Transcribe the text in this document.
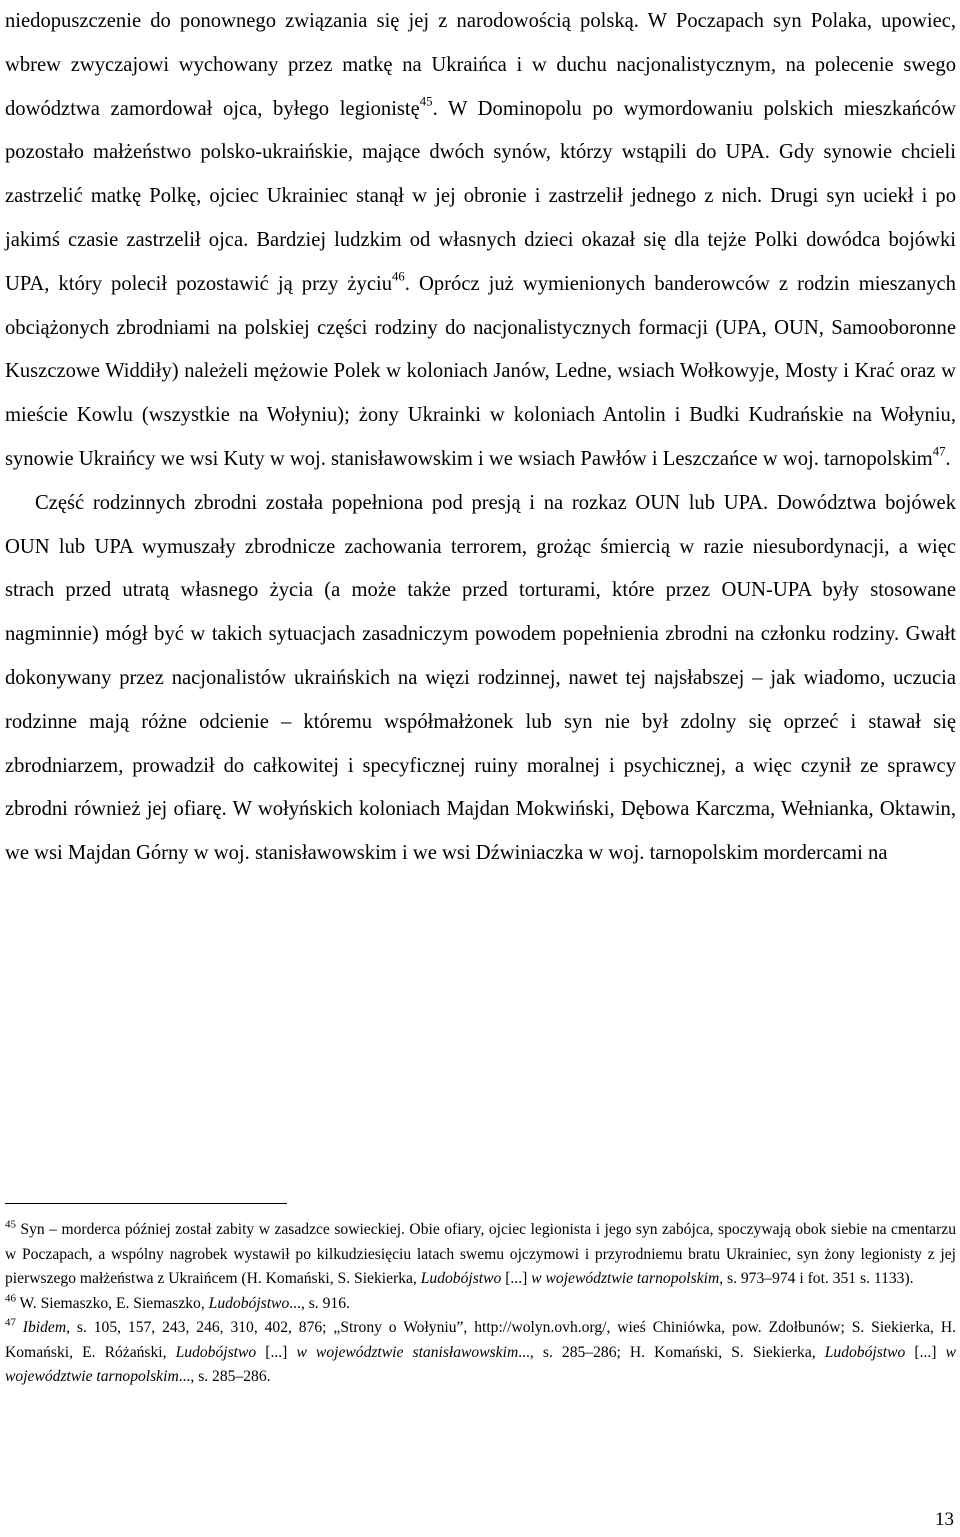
niedopuszczenie do ponownego związania się jej z narodowością polską. W Poczapach syn Polaka, upowiec, wbrew zwyczajowi wychowany przez matkę na Ukraińca i w duchu nacjonalistycznym, na polecenie swego dowództwa zamordował ojca, byłego legionistę$^{45}$. W Dominopolu po wymordowaniu polskich mieszkańców pozostało małżeństwo polsko-ukraińskie, mające dwóch synów, którzy wstąpili do UPA. Gdy synowie chcieli zastrzelić matkę Polkę, ojciec Ukrainiec stanął w jej obronie i zastrzelił jednego z nich. Drugi syn uciekł i po jakimś czasie zastrzelił ojca. Bardziej ludzkim od własnych dzieci okazał się dla tejże Polki dowódca bojówki UPA, który polecił pozostawić ją przy życiu$^{46}$. Oprócz już wymienionych banderowców z rodzin mieszanych obciążonych zbrodniami na polskiej części rodziny do nacjonalistycznych formacji (UPA, OUN, Samooboronne Kuszczowe Widdiły) należeli mężowie Polek w koloniach Janów, Ledne, wsiach Wołkowyje, Mosty i Krać oraz w mieście Kowlu (wszystkie na Wołyniu); żony Ukrainki w koloniach Antolin i Budki Kudrańskie na Wołyniu, synowie Ukraińcy we wsi Kuty w woj. stanisławowskim i we wsiach Pawłów i Leszczańce w woj. tarnopolskim$^{47}$.

Część rodzinnych zbrodni została popełniona pod presją i na rozkaz OUN lub UPA. Dowództwa bojówek OUN lub UPA wymuszały zbrodnicze zachowania terrorem, grożąc śmiercią w razie niesubordynacji, a więc strach przed utratą własnego życia (a może także przed torturami, które przez OUN-UPA były stosowane nagminnie) mógł być w takich sytuacjach zasadniczym powodem popełnienia zbrodni na członku rodziny. Gwałt dokonywany przez nacjonalistów ukraińskich na więzi rodzinnej, nawet tej najsłabszej – jak wiadomo, uczucia rodzinne mają różne odcienie – któremu współmałżonek lub syn nie był zdolny się oprzeć i stawał się zbrodniarzem, prowadził do całkowitej i specyficznej ruiny moralnej i psychicznej, a więc czynił ze sprawcy zbrodni również jej ofiarę. W wołyńskich koloniach Majdan Mokwiński, Dębowa Karczma, Wełnianka, Oktawin, we wsi Majdan Górny w woj. stanisławowskim i we wsi Dźwiniaczka w woj. tarnopolskim mordercami na

$^{45}$ Syn – morderca później został zabity w zasadzce sowieckiej. Obie ofiary, ojciec legionista i jego syn zabójca, spoczywają obok siebie na cmentarzu w Poczapach, a wspólny nagrobek wystawił po kilkudziesięciu latach swemu ojczymowi i przyrodniemu bratu Ukrainiec, syn żony legionisty z jej pierwszego małżeństwa z Ukraińcem (H. Komański, S. Siekierka, Ludobójstwo [...] w województwie tarnopolskim, s. 973–974 i fot. 351 s. 1133).

$^{46}$ W. Siemaszko, E. Siemaszko, Ludobójstwo..., s. 916.

$^{47}$ Ibidem, s. 105, 157, 243, 246, 310, 402, 876; „Strony o Wołyniu”, http://wolyn.ovh.org/, wieś Chiniówka, pow. Zdołbunów; S. Siekierka, H. Komański, E. Różański, Ludobójstwo [...] w województwie stanisławowskim..., s. 285–286; H. Komański, S. Siekierka, Ludobójstwo [...] w województwie tarnopolskim..., s. 285–286.

13
